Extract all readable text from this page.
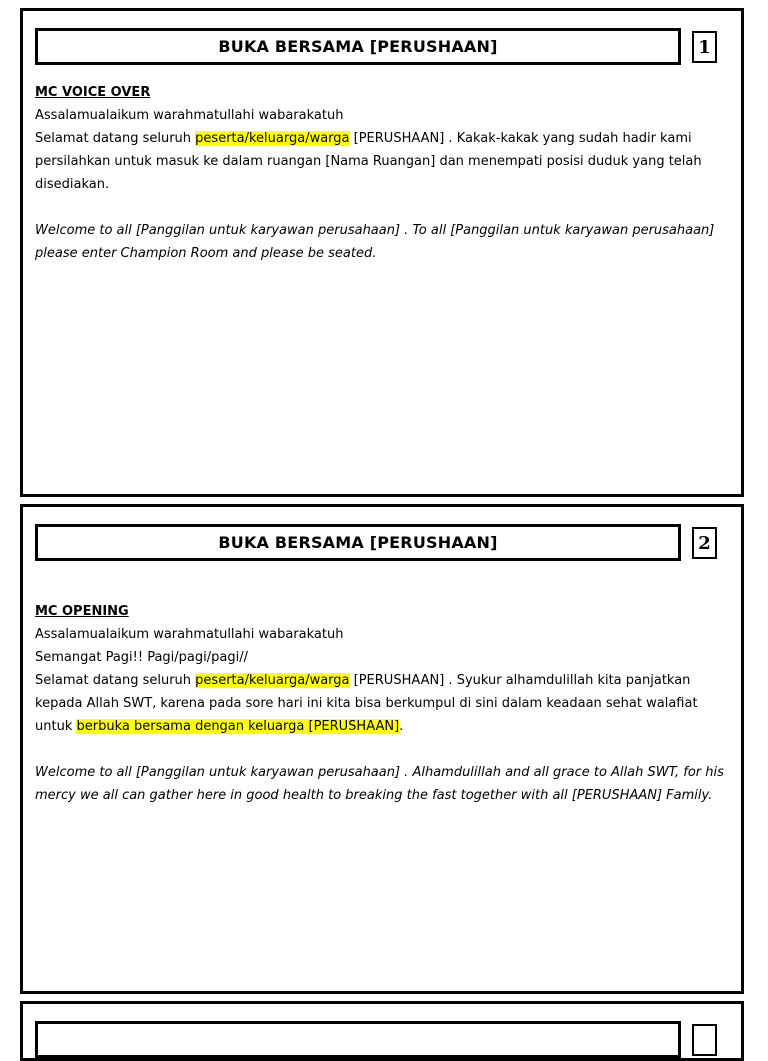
BUKA BERSAMA [PERUSHAAN]	1

MC VOICE OVER

Assalamualaikum warahmatullahi wabarakatuh

Selamat datang seluruh peserta/keluarga/warga [PERUSHAAN] . Kakak-kakak yang sudah hadir kami persilahkan untuk masuk ke dalam ruangan [Nama Ruangan] dan menempati posisi duduk yang telah disediakan.

Welcome to all [Panggilan untuk karyawan perusahaan] . To all [Panggilan untuk karyawan perusahaan] please enter Champion Room and please be seated.

BUKA BERSAMA [PERUSHAAN]	2

MC OPENING

Assalamualaikum warahmatullahi wabarakatuh

Semangat Pagi!! Pagi/pagi/pagi//

Selamat datang seluruh peserta/keluarga/warga [PERUSHAAN] . Syukur alhamdulillah kita panjatkan kepada Allah SWT, karena pada sore hari ini kita bisa berkumpul di sini dalam keadaan sehat walafiat untuk berbuka bersama dengan keluarga [PERUSHAAN].

Welcome to all [Panggilan untuk karyawan perusahaan] . Alhamdulillah and all grace to Allah SWT, for his mercy we all can gather here in good health to breaking the fast together with all [PERUSHAAN] Family.
